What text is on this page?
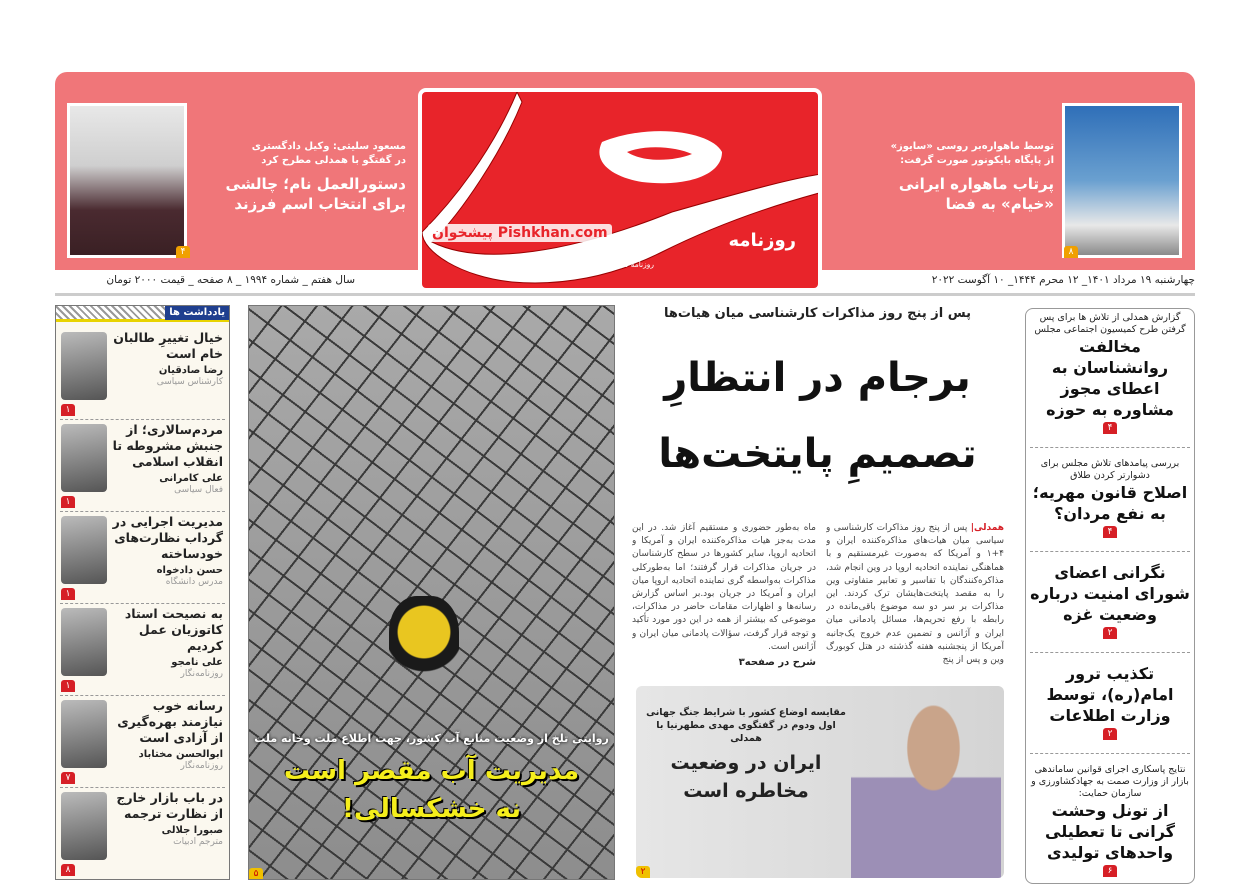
پیشخوان Pishkhan.com	روزنامه
روزنامه سیاسی، اقتصادی، اجتماعی و فرهنگی صبح ایران
۴
مسعود سلیتی: وکیل دادگستری
در گفتگو با همدلی مطرح کرد
دستورالعمل نام؛ چالشی
برای انتخاب اسم فرزند
۸
توسط ماهواره‌بر روسی «سایوز»
از پایگاه بایکونور صورت گرفت:
پرتاب ماهواره ایرانی
«خیام» به فضا
چهارشنبه ۱۹ مرداد ۱۴۰۱_ ۱۲ محرم ۱۴۴۴_ ۱۰ آگوست ۲۰۲۲
سال هفتم _ شماره ۱۹۹۴ _ ۸ صفحه _ قیمت ۲۰۰۰ تومان
گزارش همدلی از تلاش ها برای پس گرفتن طرح کمیسیون اجتماعی مجلس
مخالفت روانشناسان به اعطای مجوز مشاوره به حوزه
۴
بررسی پیامدهای تلاش مجلس برای دشوارتر کردن طلاق
اصلاح قانون مهریه؛ به نفع مردان؟
۴
نگرانی اعضای شورای امنیت درباره وضعیت غزه
۲
تکذیب ترور امام(ره)، توسط وزارت اطلاعات
۲
نتایج پاسکاری اجرای قوانین ساماندهی بازار از وزارت صمت به جهادکشاورزی و سازمان حمایت:
از تونل وحشت گرانی تا تعطیلی واحدهای تولیدی
۶
پس از پنج روز مذاکرات کارشناسی میان هیات‌ها
برجام در انتظارِ
تصمیمِ پایتخت‌ها
همدلی| پس از پنج روز مذاکرات کارشناسی و سیاسی میان هیات‌های مذاکره‌کننده ایران و ۴+۱ و آمریکا که به‌صورت غیرمستقیم و با هماهنگی نماینده اتحادیه اروپا در وین انجام شد، مذاکره‌کنندگان با تفاسیر و تعابیر متفاوتی وین را به مقصد پایتخت‌هایشان ترک کردند. این مذاکرات بر سر دو سه موضوع باقی‌مانده در رابطه با رفع تحریم‌ها، مسائل پادمانی میان ایران و آژانس و تضمین عدم خروج یک‌جانبه آمریکا از پنجشنبه هفته گذشته در هتل کوبورگ وین و پس از پنج
ماه به‌طور حضوری و مستقیم آغاز شد. در این مدت به‌جز هیات مذاکره‌کننده ایران و آمریکا و اتحادیه اروپا، سایر کشورها در سطح کارشناسان در جریان مذاکرات قرار گرفتند؛ اما به‌طورکلی مذاکرات به‌واسطه گری نماینده اتحادیه اروپا میان ایران و آمریکا در جریان بود.بر اساس گزارش رسانه‌ها و اظهارات مقامات حاضر در مذاکرات، موضوعی که بیشتر از همه در این دور مورد تأکید و توجه قرار گرفت، سؤالات پادمانی میان ایران و آژانس است.
شرح در صفحه۳
مقایسه اوضاع کشور با شرایط جنگ جهانی
اول ودوم در گفتگوی مهدی مطهرنیا با همدلی
ایران در وضعیت
مخاطره است
۲
روایتی تلخ از وضعیت منابع آب کشور، جهت اطلاع ملت وخانه ملت
مدیریت آب مقصر است
نه خشکسالی!
۵
یادداشت ها
خیال تغییرِ طالبان خام است
رضا صادقیان
کارشناس سیاسی
۱
مردم‌سالاری؛ از جنبش مشروطه تا انقلاب اسلامی
علی کامرانی
فعال سیاسی
۱
مدیریت اجرایی در گرداب نظارت‌های خودساخته
حسن دادخواه
مدرس دانشگاه
۱
به نصیحت استاد کاتوزیان عمل کردیم
علی نامجو
روزنامه‌نگار
۱
رسانه خوب نیازمند بهره‌گیری از آزادی است
ابوالحسن مختاباد
روزنامه‌نگار
۷
در باب بازار خارج از نظارت ترجمه
صبورا جلالی
مترجم ادبیات
۸
